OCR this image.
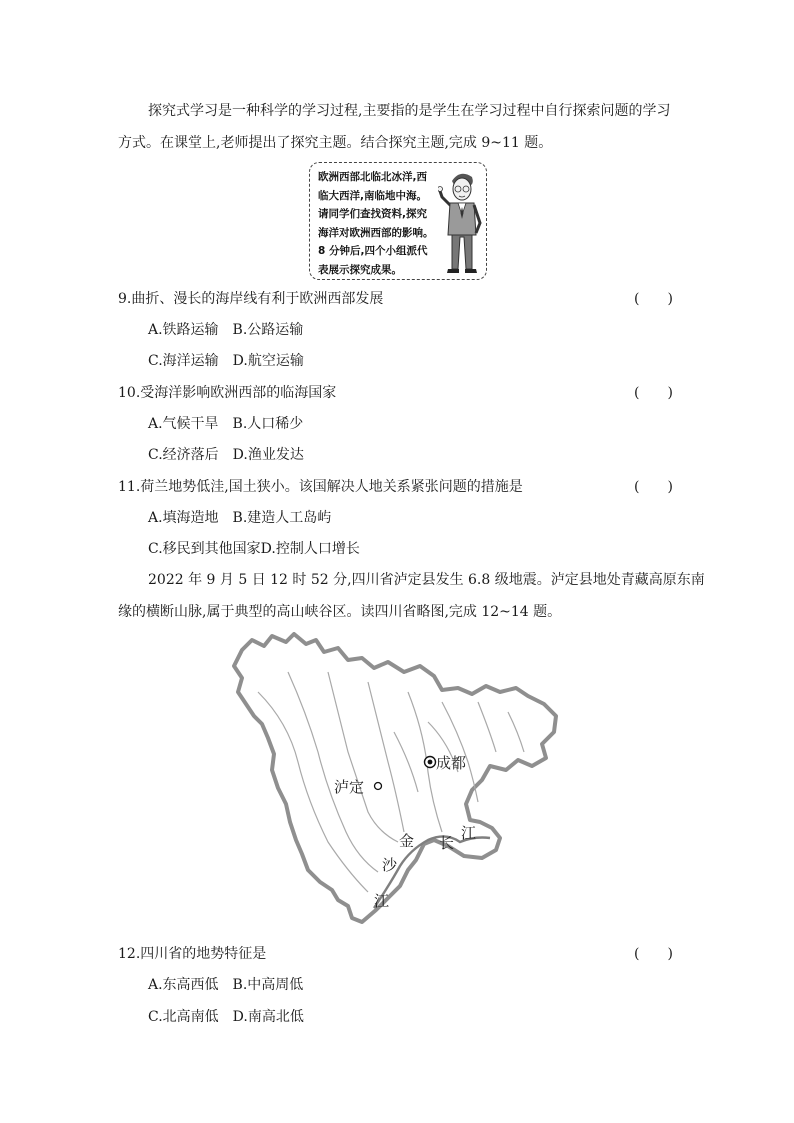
探究式学习是一种科学的学习过程,主要指的是学生在学习过程中自行探索问题的学习
方式。在课堂上,老师提出了探究主题。结合探究主题,完成 9~11 题。
欧洲西部北临北冰洋,西
临大西洋,南临地中海。
请同学们查找资料,探究
海洋对欧洲西部的影响。
8 分钟后,四个小组派代
表展示探究成果。
9.曲折、漫长的海岸线有利于欧洲西部发展	(　　)
A.铁路运输　B.公路运输
C.海洋运输　D.航空运输
10.受海洋影响欧洲西部的临海国家	(　　)
A.气候干旱　B.人口稀少
C.经济落后　D.渔业发达
11.荷兰地势低洼,国土狭小。该国解决人地关系紧张问题的措施是	(　　)
A.填海造地　B.建造人工岛屿
C.移民到其他国家D.控制人口增长
2022 年 9 月 5 日 12 时 52 分,四川省泸定县发生 6.8 级地震。泸定县地处青藏高原东南
缘的横断山脉,属于典型的高山峡谷区。读四川省略图,完成 12~14 题。
成都
泸定
金
沙
江
长
江
12.四川省的地势特征是	(　　)
A.东高西低　B.中高周低
C.北高南低　D.南高北低
